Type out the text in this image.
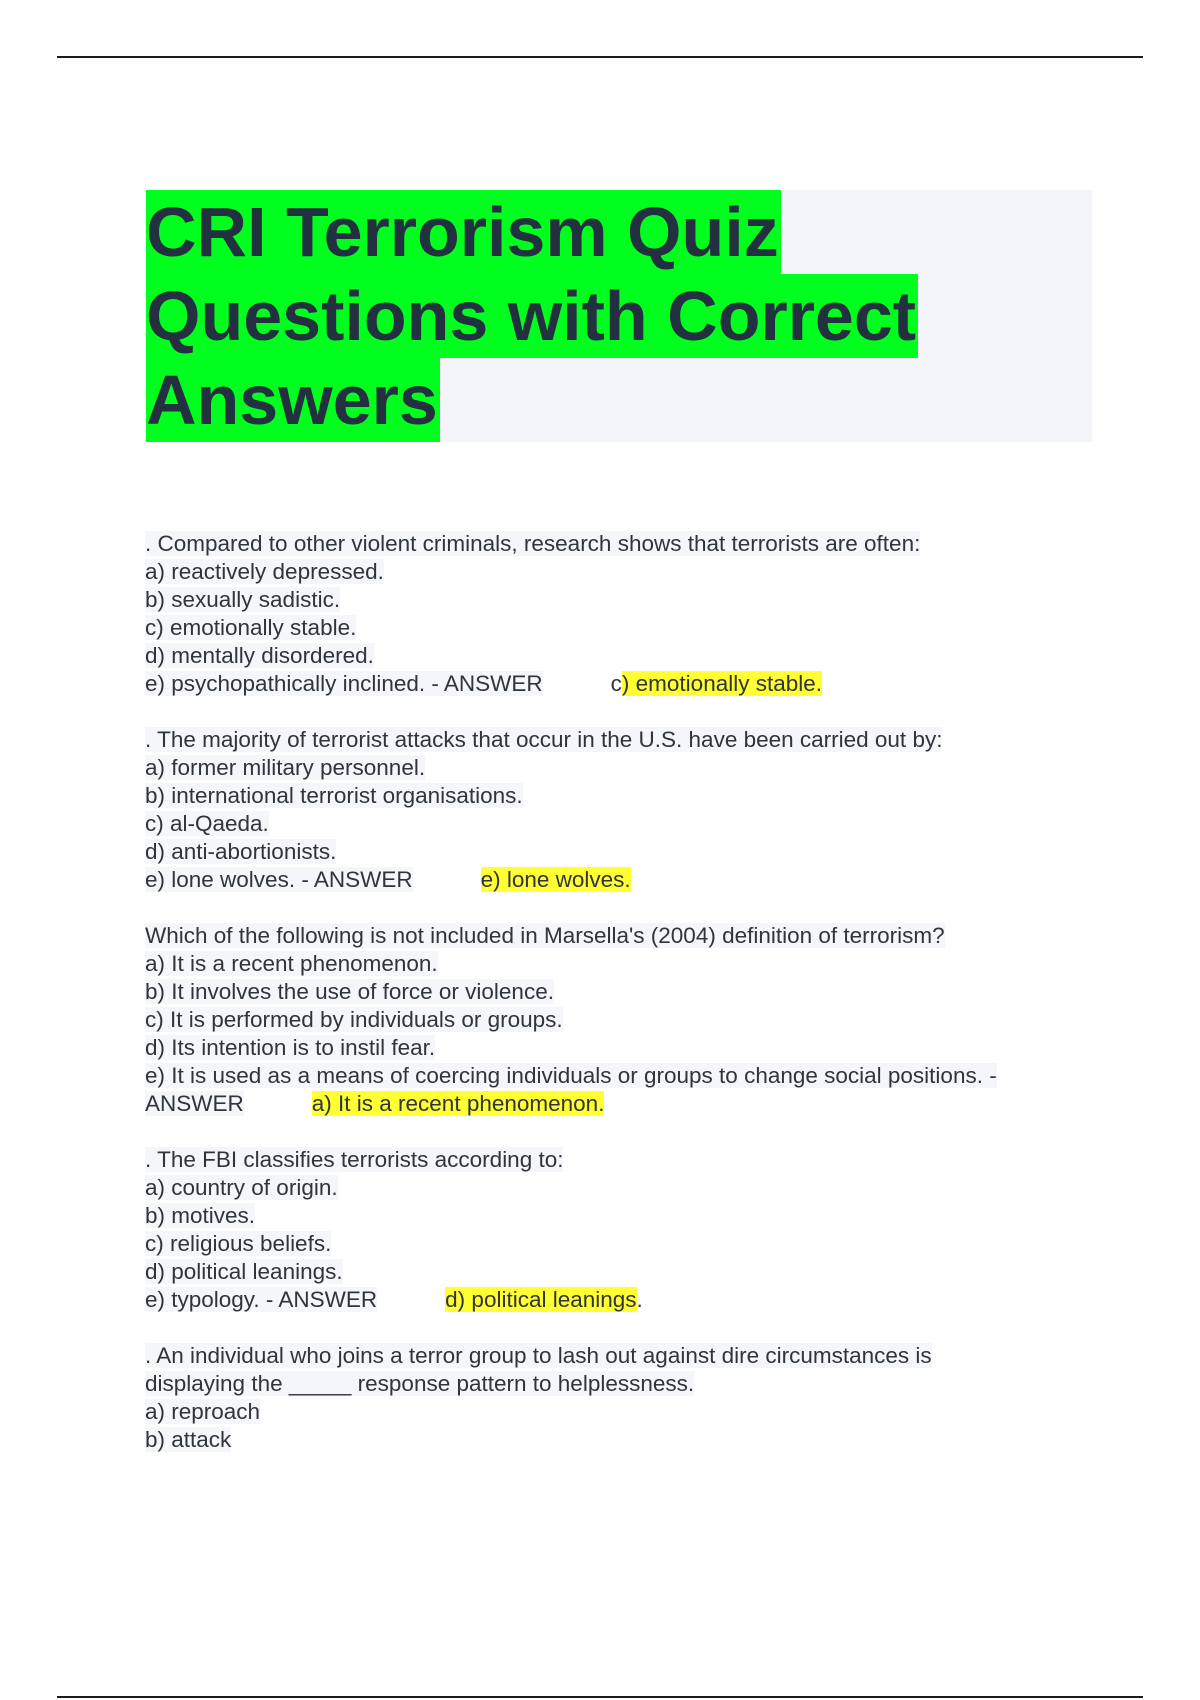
CRI Terrorism Quiz
Questions with Correct
Answers
. Compared to other violent criminals, research shows that terrorists are often:
a) reactively depressed.
b) sexually sadistic.
c) emotionally stable.
d) mentally disordered.
e) psychopathically inclined. - ANSWER	c) emotionally stable.
. The majority of terrorist attacks that occur in the U.S. have been carried out by:
a) former military personnel.
b) international terrorist organisations.
c) al-Qaeda.
d) anti-abortionists.
e) lone wolves. - ANSWER	e) lone wolves.
Which of the following is not included in Marsella's (2004) definition of terrorism?
a) It is a recent phenomenon.
b) It involves the use of force or violence.
c) It is performed by individuals or groups.
d) Its intention is to instil fear.
e) It is used as a means of coercing individuals or groups to change social positions. -
ANSWER	a) It is a recent phenomenon.
. The FBI classifies terrorists according to:
a) country of origin.
b) motives.
c) religious beliefs.
d) political leanings.
e) typology. - ANSWER	d) political leanings.
. An individual who joins a terror group to lash out against dire circumstances is
displaying the _____ response pattern to helplessness.
a) reproach
b) attack
